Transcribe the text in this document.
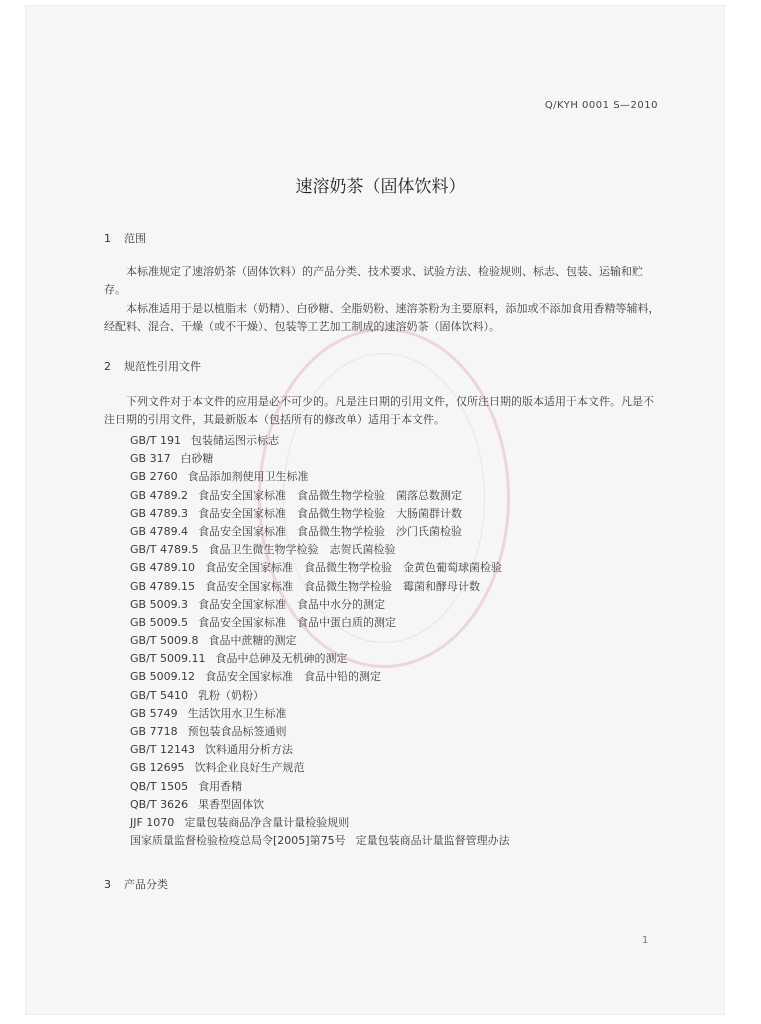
Q/KYH 0001 S—2010
速溶奶茶（固体饮料）
1 范围

本标准规定了速溶奶茶（固体饮料）的产品分类、技术要求、试验方法、检验规则、标志、包装、运输和贮存。

本标准适用于是以植脂末（奶精）、白砂糖、全脂奶粉、速溶茶粉为主要原料，添加或不添加食用香精等辅料，经配料、混合、干燥（或不干燥）、包装等工艺加工制成的速溶奶茶（固体饮料）。

2 规范性引用文件

下列文件对于本文件的应用是必不可少的。凡是注日期的引用文件，仅所注日期的版本适用于本文件。凡是不注日期的引用文件，其最新版本（包括所有的修改单）适用于本文件。

GB/T 191 包装储运图示标志
GB 317 白砂糖
GB 2760 食品添加剂使用卫生标准
GB 4789.2 食品安全国家标准　食品微生物学检验　菌落总数测定
GB 4789.3 食品安全国家标准　食品微生物学检验　大肠菌群计数
GB 4789.4 食品安全国家标准　食品微生物学检验　沙门氏菌检验
GB/T 4789.5 食品卫生微生物学检验　志贺氏菌检验
GB 4789.10 食品安全国家标准　食品微生物学检验　金黄色葡萄球菌检验
GB 4789.15 食品安全国家标准　食品微生物学检验　霉菌和酵母计数
GB 5009.3 食品安全国家标准　食品中水分的测定
GB 5009.5 食品安全国家标准　食品中蛋白质的测定
GB/T 5009.8 食品中蔗糖的测定
GB/T 5009.11 食品中总砷及无机砷的测定
GB 5009.12 食品安全国家标准　食品中铅的测定
GB/T 5410 乳粉（奶粉）
GB 5749 生活饮用水卫生标准
GB 7718 预包装食品标签通则
GB/T 12143 饮料通用分析方法
GB 12695 饮料企业良好生产规范
QB/T 1505 食用香精
QB/T 3626 果香型固体饮
JJF 1070 定量包装商品净含量计量检验规则
国家质量监督检验检疫总局令[2005]第75号 定量包装商品计量监督管理办法
3 产品分类
1
